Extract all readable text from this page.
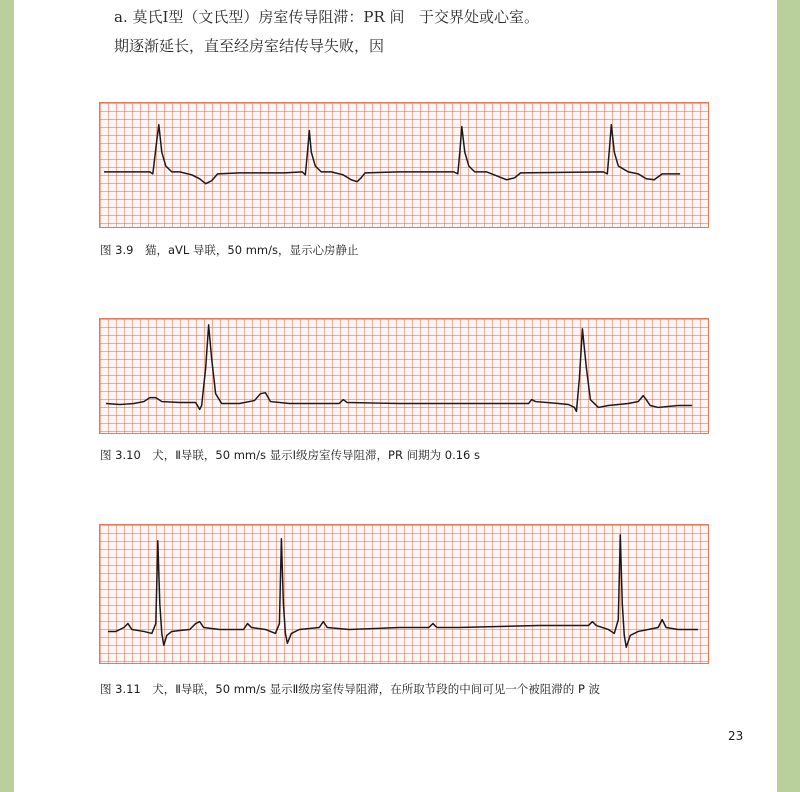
a. 莫氏Ⅰ型（文氏型）房室传导阻滞：PR 间
期逐渐延长，直至经房室结传导失败，因
于交界处或心室。
图 3.9　猫，aVL 导联，50 mm/s，显示心房静止
图 3.10　犬，Ⅱ导联，50 mm/s 显示Ⅰ级房室传导阻滞，PR 间期为 0.16 s
图 3.11　犬，Ⅱ导联，50 mm/s 显示Ⅱ级房室传导阻滞，在所取节段的中间可见一个被阻滞的 P 波
23
